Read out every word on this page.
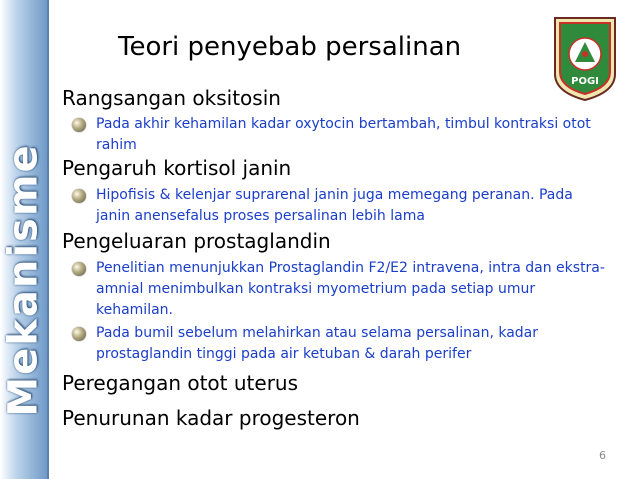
Mekanisme
Teori penyebab persalinan
POGI
Rangsangan oksitosin
Pada akhir kehamilan kadar oxytocin bertambah, timbul kontraksi otot rahim
Pengaruh kortisol janin
Hipofisis & kelenjar suprarenal janin juga memegang peranan. Pada janin anensefalus proses persalinan lebih lama
Pengeluaran prostaglandin
Penelitian menunjukkan Prostaglandin F2/E2 intravena, intra dan ekstra-amnial menimbulkan kontraksi myometrium pada setiap umur kehamilan.
Pada bumil sebelum melahirkan atau selama persalinan, kadar prostaglandin tinggi pada air ketuban & darah perifer
Peregangan otot uterus
Penurunan kadar progesteron
6
